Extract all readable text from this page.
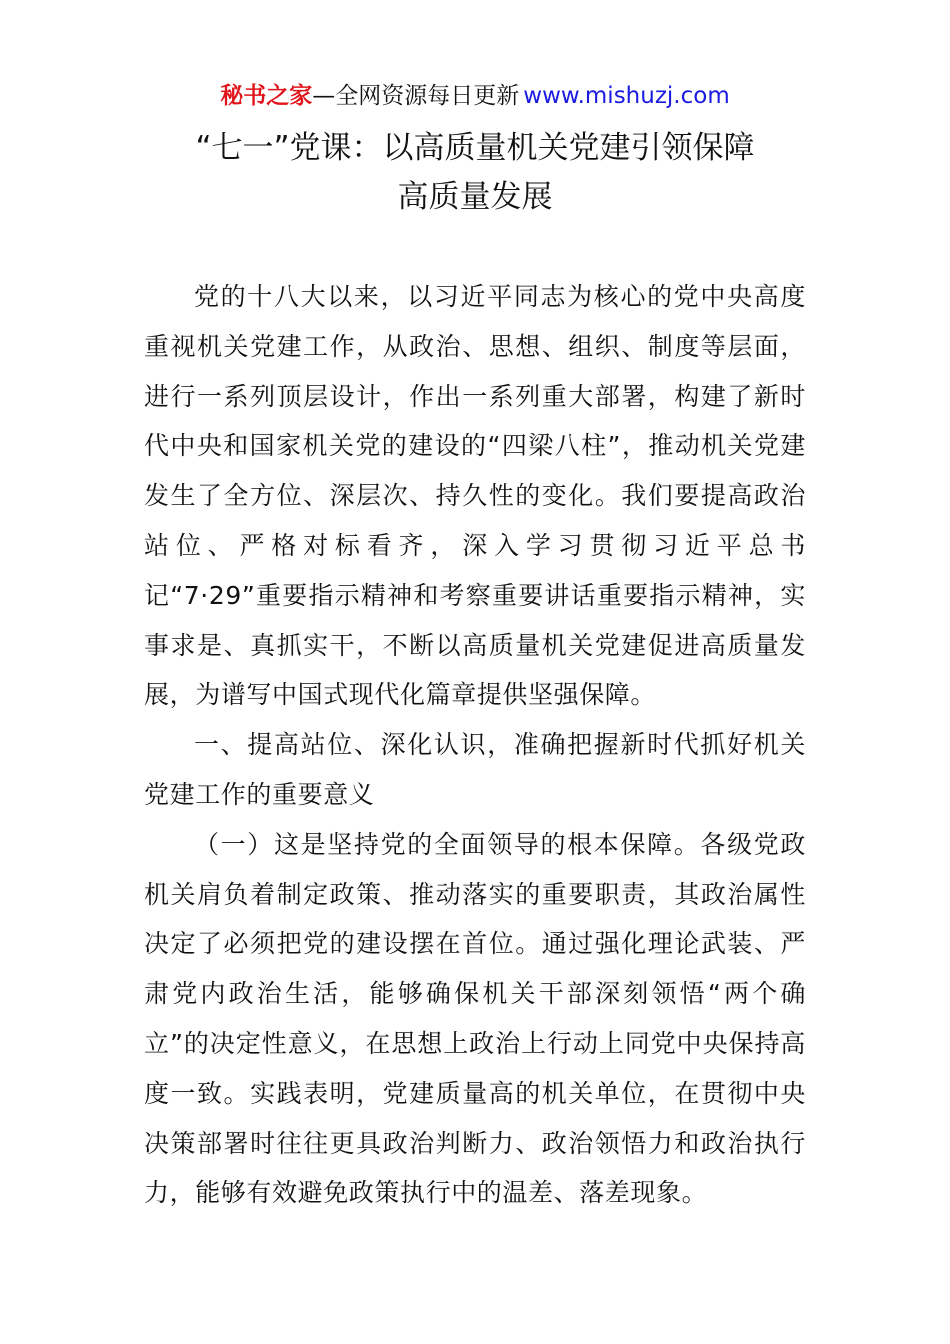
秘书之家—全网资源每日更新 www.mishuzj.com
“七一”党课：以高质量机关党建引领保障
高质量发展

党的十八大以来，以习近平同志为核心的党中央高度重视机关党建工作，从政治、思想、组织、制度等层面，进行一系列顶层设计，作出一系列重大部署，构建了新时代中央和国家机关党的建设的“四梁八柱”，推动机关党建发生了全方位、深层次、持久性的变化。我们要提高政治站位、严格对标看齐，深入学习贯彻习近平总书记“7·29”重要指示精神和考察重要讲话重要指示精神，实事求是、真抓实干，不断以高质量机关党建促进高质量发展，为谱写中国式现代化篇章提供坚强保障。

一、提高站位、深化认识，准确把握新时代抓好机关党建工作的重要意义

（一）这是坚持党的全面领导的根本保障。各级党政机关肩负着制定政策、推动落实的重要职责，其政治属性决定了必须把党的建设摆在首位。通过强化理论武装、严肃党内政治生活，能够确保机关干部深刻领悟“两个确立”的决定性意义，在思想上政治上行动上同党中央保持高度一致。实践表明，党建质量高的机关单位，在贯彻中央决策部署时往往更具政治判断力、政治领悟力和政治执行力，能够有效避免政策执行中的温差、落差现象。
